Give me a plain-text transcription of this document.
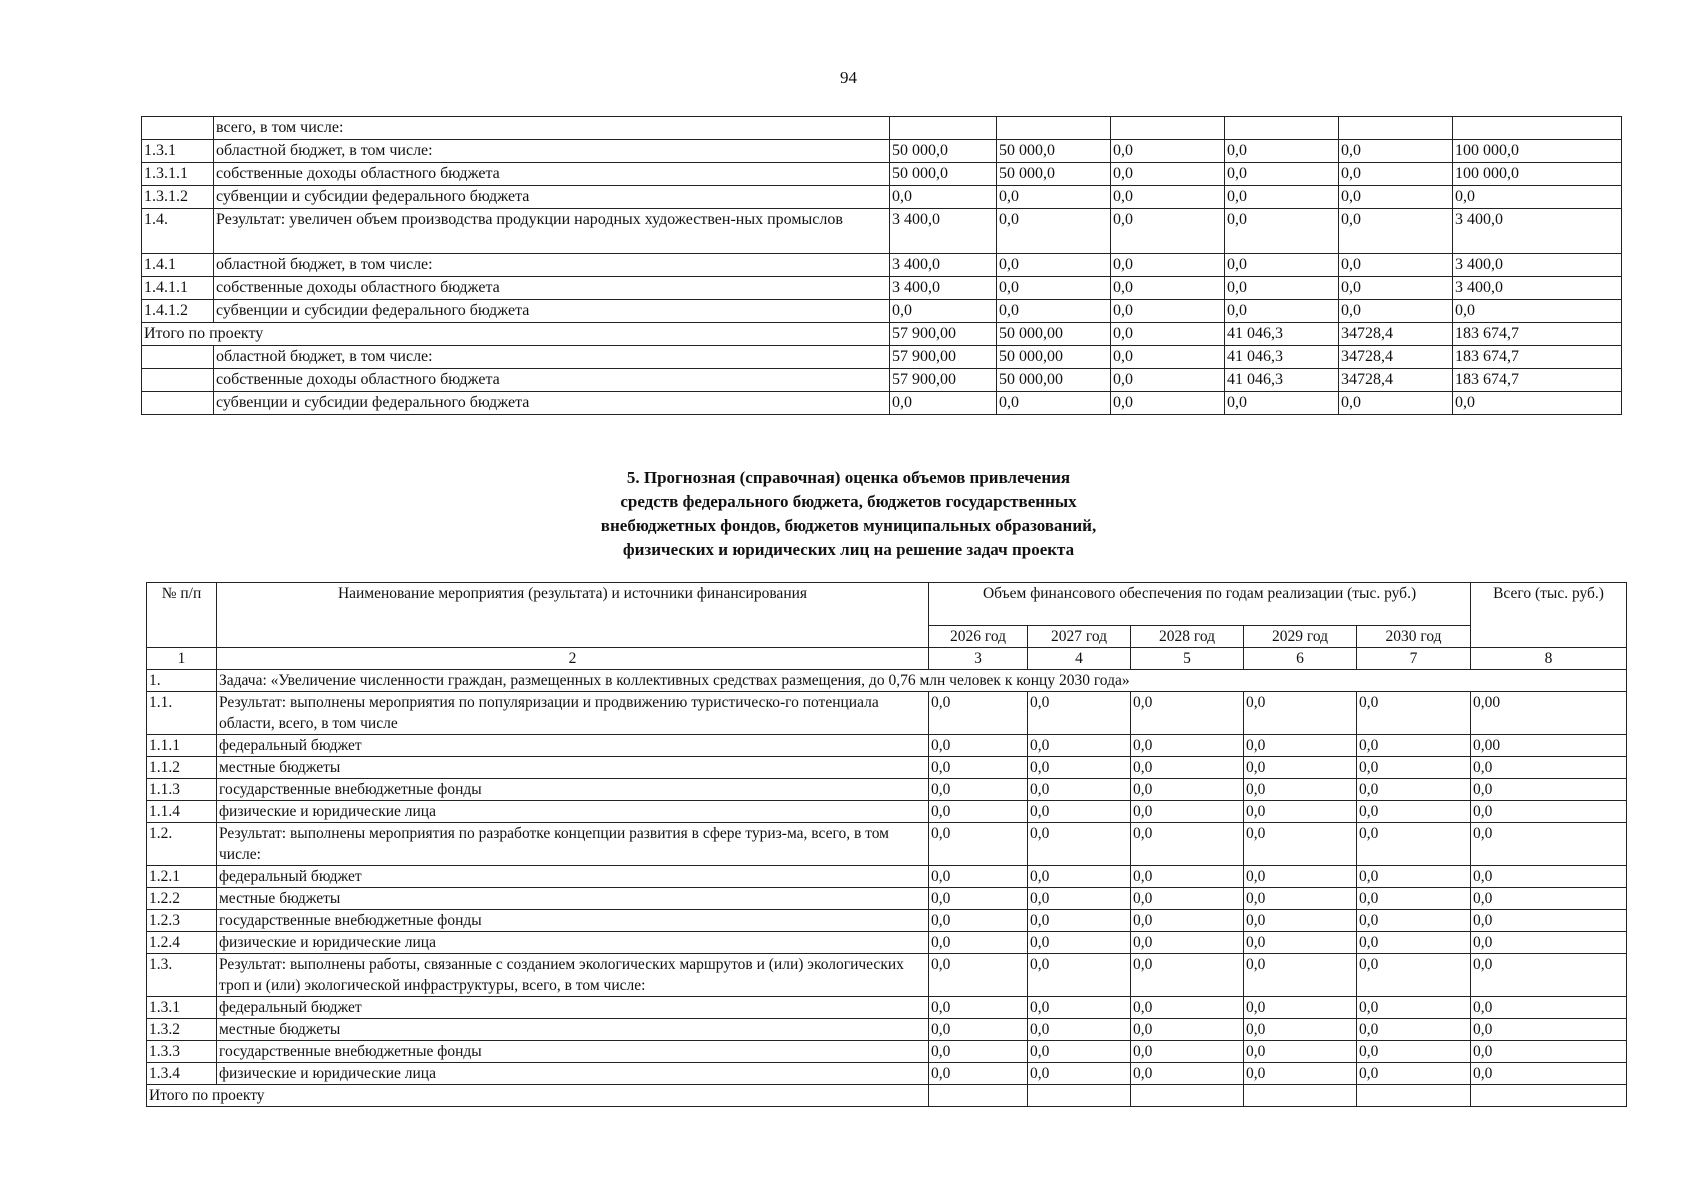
94
	всего, в том числе:						
1.3.1	областной бюджет, в том числе:	50 000,0	50 000,0	0,0	0,0	0,0	100 000,0
1.3.1.1	собственные доходы областного бюджета	50 000,0	50 000,0	0,0	0,0	0,0	100 000,0
1.3.1.2	субвенции и субсидии федерального бюджета	0,0	0,0	0,0	0,0	0,0	0,0
1.4.	Результат: увеличен объем производства продукции народных художествен-ных промыслов	3 400,0	0,0	0,0	0,0	0,0	3 400,0
1.4.1	областной бюджет, в том числе:	3 400,0	0,0	0,0	0,0	0,0	3 400,0
1.4.1.1	собственные доходы областного бюджета	3 400,0	0,0	0,0	0,0	0,0	3 400,0
1.4.1.2	субвенции и субсидии федерального бюджета	0,0	0,0	0,0	0,0	0,0	0,0
Итого по проекту		57 900,00	50 000,00	0,0	41 046,3	34728,4	183 674,7
	областной бюджет, в том числе:	57 900,00	50 000,00	0,0	41 046,3	34728,4	183 674,7
	собственные доходы областного бюджета	57 900,00	50 000,00	0,0	41 046,3	34728,4	183 674,7
	субвенции и субсидии федерального бюджета	0,0	0,0	0,0	0,0	0,0	0,0
5. Прогнозная (справочная) оценка объемов привлечения
средств федерального бюджета, бюджетов государственных
внебюджетных фондов, бюджетов муниципальных образований,
физических и юридических лиц на решение задач проекта
№ п/п	Наименование мероприятия (результата) и источники финансирования	Объем финансового обеспечения по годам реализации (тыс. руб.)					Всего (тыс. руб.)
		2026 год	2027 год	2028 год	2029 год	2030 год	
1	2	3	4	5	6	7	8
1.	Задача: «Увеличение численности граждан, размещенных в коллективных средствах размещения, до 0,76 млн человек к концу 2030 года»						
1.1.	Результат: выполнены мероприятия по популяризации и продвижению туристическо-го потенциала области, всего, в том числе	0,0	0,0	0,0	0,0	0,0	0,00
1.1.1	федеральный бюджет	0,0	0,0	0,0	0,0	0,0	0,00
1.1.2	местные бюджеты	0,0	0,0	0,0	0,0	0,0	0,0
1.1.3	государственные внебюджетные фонды	0,0	0,0	0,0	0,0	0,0	0,0
1.1.4	физические и юридические лица	0,0	0,0	0,0	0,0	0,0	0,0
1.2.	Результат: выполнены мероприятия по разработке концепции развития в сфере туриз-ма, всего, в том числе:	0,0	0,0	0,0	0,0	0,0	0,0
1.2.1	федеральный бюджет	0,0	0,0	0,0	0,0	0,0	0,0
1.2.2	местные бюджеты	0,0	0,0	0,0	0,0	0,0	0,0
1.2.3	государственные внебюджетные фонды	0,0	0,0	0,0	0,0	0,0	0,0
1.2.4	физические и юридические лица	0,0	0,0	0,0	0,0	0,0	0,0
1.3.	Результат: выполнены работы, связанные с созданием экологических маршрутов и (или) экологических троп и (или) экологической инфраструктуры, всего, в том числе:	0,0	0,0	0,0	0,0	0,0	0,0
1.3.1	федеральный бюджет	0,0	0,0	0,0	0,0	0,0	0,0
1.3.2	местные бюджеты	0,0	0,0	0,0	0,0	0,0	0,0
1.3.3	государственные внебюджетные фонды	0,0	0,0	0,0	0,0	0,0	0,0
1.3.4	физические и юридические лица	0,0	0,0	0,0	0,0	0,0	0,0
Итого по проекту							
